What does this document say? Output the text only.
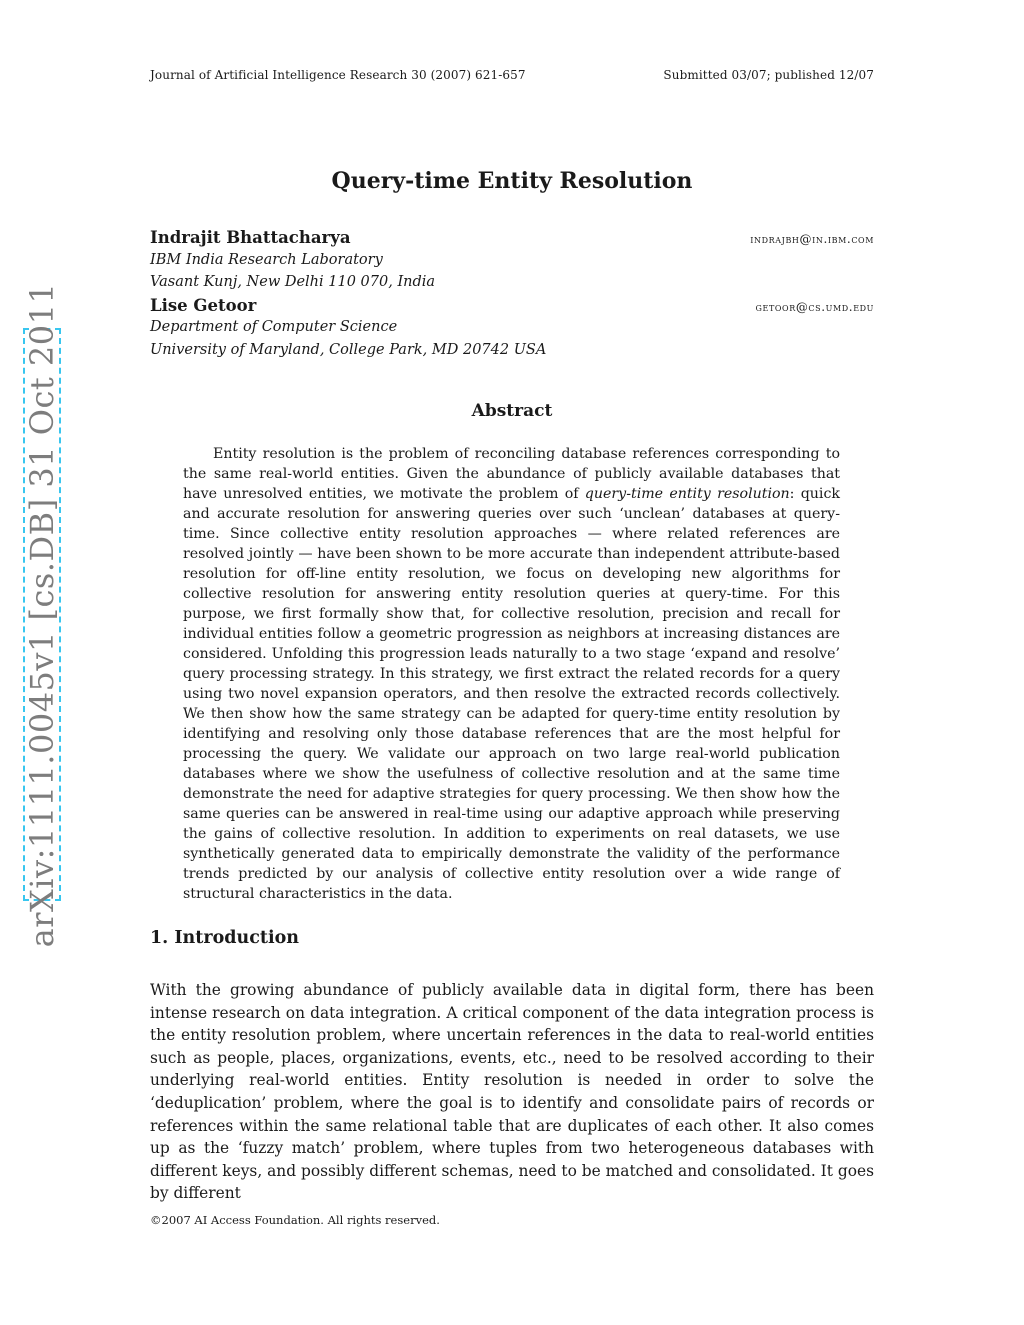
arXiv:1111.0045v1 [cs.DB] 31 Oct 2011
Journal of Artificial Intelligence Research 30 (2007) 621-657	Submitted 03/07; published 12/07
Query-time Entity Resolution
Indrajit Bhattacharya	indrajbh@in.ibm.com
IBM India Research Laboratory
Vasant Kunj, New Delhi 110 070, India
Lise Getoor	getoor@cs.umd.edu
Department of Computer Science
University of Maryland, College Park, MD 20742 USA
Abstract

Entity resolution is the problem of reconciling database references corresponding to the same real-world entities. Given the abundance of publicly available databases that have unresolved entities, we motivate the problem of query-time entity resolution: quick and accurate resolution for answering queries over such ‘unclean’ databases at query-time. Since collective entity resolution approaches — where related references are resolved jointly — have been shown to be more accurate than independent attribute-based resolution for off-line entity resolution, we focus on developing new algorithms for collective resolution for answering entity resolution queries at query-time. For this purpose, we first formally show that, for collective resolution, precision and recall for individual entities follow a geometric progression as neighbors at increasing distances are considered. Unfolding this progression leads naturally to a two stage ‘expand and resolve’ query processing strategy. In this strategy, we first extract the related records for a query using two novel expansion operators, and then resolve the extracted records collectively. We then show how the same strategy can be adapted for query-time entity resolution by identifying and resolving only those database references that are the most helpful for processing the query. We validate our approach on two large real-world publication databases where we show the usefulness of collective resolution and at the same time demonstrate the need for adaptive strategies for query processing. We then show how the same queries can be answered in real-time using our adaptive approach while preserving the gains of collective resolution. In addition to experiments on real datasets, we use synthetically generated data to empirically demonstrate the validity of the performance trends predicted by our analysis of collective entity resolution over a wide range of structural characteristics in the data.

1. Introduction

With the growing abundance of publicly available data in digital form, there has been intense research on data integration. A critical component of the data integration process is the entity resolution problem, where uncertain references in the data to real-world entities such as people, places, organizations, events, etc., need to be resolved according to their underlying real-world entities. Entity resolution is needed in order to solve the ‘deduplication’ problem, where the goal is to identify and consolidate pairs of records or references within the same relational table that are duplicates of each other. It also comes up as the ‘fuzzy match’ problem, where tuples from two heterogeneous databases with different keys, and possibly different schemas, need to be matched and consolidated. It goes by different

©2007 AI Access Foundation. All rights reserved.
